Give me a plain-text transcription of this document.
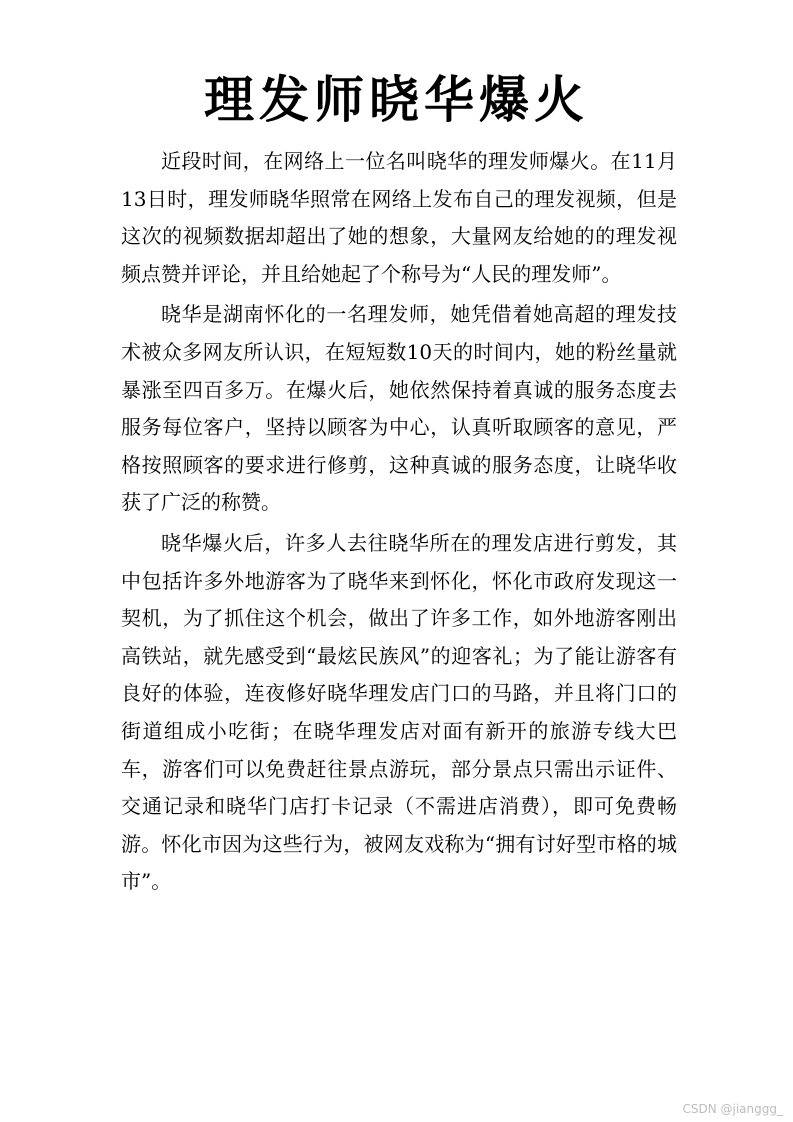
理发师晓华爆火

近段时间，在网络上一位名叫晓华的理发师爆火。在11月13日时，理发师晓华照常在网络上发布自己的理发视频，但是这次的视频数据却超出了她的想象，大量网友给她的的理发视频点赞并评论，并且给她起了个称号为“人民的理发师”。

晓华是湖南怀化的一名理发师，她凭借着她高超的理发技术被众多网友所认识，在短短数10天的时间内，她的粉丝量就暴涨至四百多万。在爆火后，她依然保持着真诚的服务态度去服务每位客户，坚持以顾客为中心，认真听取顾客的意见，严格按照顾客的要求进行修剪，这种真诚的服务态度，让晓华收获了广泛的称赞。

晓华爆火后，许多人去往晓华所在的理发店进行剪发，其中包括许多外地游客为了晓华来到怀化，怀化市政府发现这一契机，为了抓住这个机会，做出了许多工作，如外地游客刚出高铁站，就先感受到“最炫民族风”的迎客礼；为了能让游客有良好的体验，连夜修好晓华理发店门口的马路，并且将门口的街道组成小吃街；在晓华理发店对面有新开的旅游专线大巴车，游客们可以免费赶往景点游玩，部分景点只需出示证件、交通记录和晓华门店打卡记录（不需进店消费），即可免费畅游。怀化市因为这些行为，被网友戏称为“拥有讨好型市格的城市”。

CSDN @jianggg_
